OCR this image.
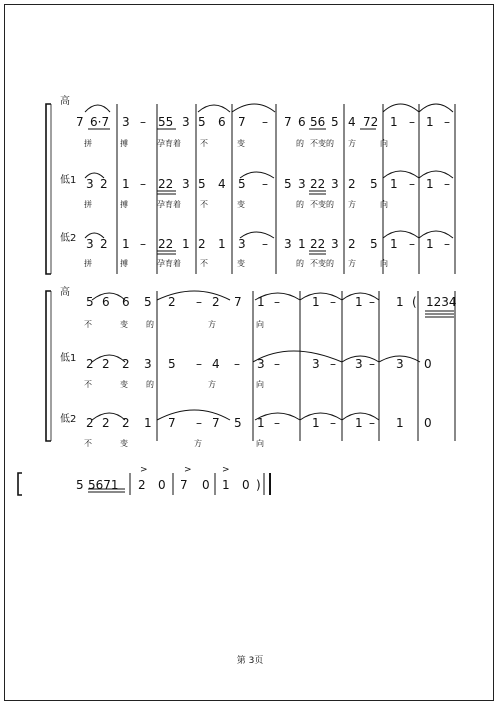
高
7 6·7 3 – 55 3 5 6 7 – 7 6 56 5 4 72 1 – 1 –
拼	搏	孕育着 不	变	的 不变的 方	向
低1 3 2 1 – 22 3 5 4 5 – 5 3 22 3 2 5 1 – 1 –
拼	搏	孕育着 不	变	的 不变的 方	向
低2 3 2 1 – 22 1 2 1 3 – 3 1 22 3 2 5 1 – 1 –
拼	搏	孕育着 不	变	的 不变的 方	向
高
5 6 6 5 2 – 2 7 1 –	1 – 1 – 1 ( 1234
不	变 的	方	向
低1 2 2 2 3 5 – 4 – 3 –	3 – 3 – 3 0
不	变 的	方	向
低2 2 2 2 1 7 – 7 5 1 –	1 – 1 – 1 0
不	变	方	向
5 5671 2 0 7 0 1 0 )
>	>	>
第 3页
